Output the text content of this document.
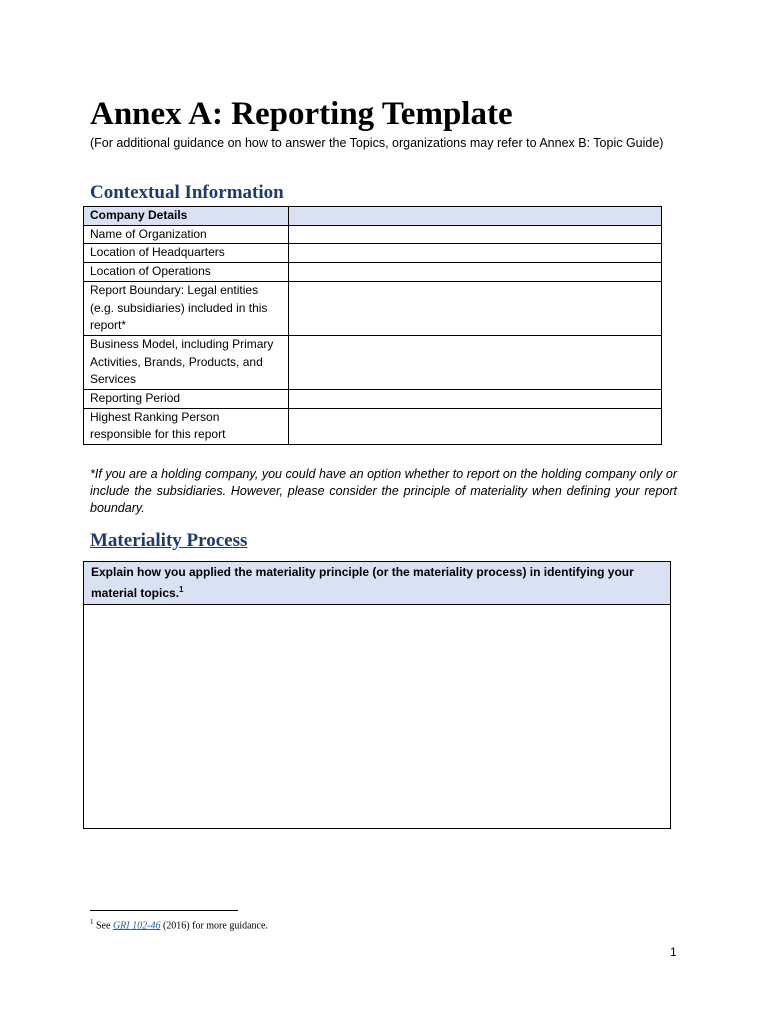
Annex A: Reporting Template
(For additional guidance on how to answer the Topics, organizations may refer to Annex B: Topic Guide)
Contextual Information
Company Details	
Name of Organization	
Location of Headquarters	
Location of Operations	
Report Boundary: Legal entities (e.g. subsidiaries) included in this report*	
Business Model, including Primary Activities, Brands, Products, and Services	
Reporting Period	
Highest Ranking Person responsible for this report	
*If you are a holding company, you could have an option whether to report on the holding company only or include the subsidiaries. However, please consider the principle of materiality when defining your report boundary.
Materiality Process
Explain how you applied the materiality principle (or the materiality process) in identifying your material topics.$^1$
$^1$ See GRI 102-46 (2016) for more guidance.
1
